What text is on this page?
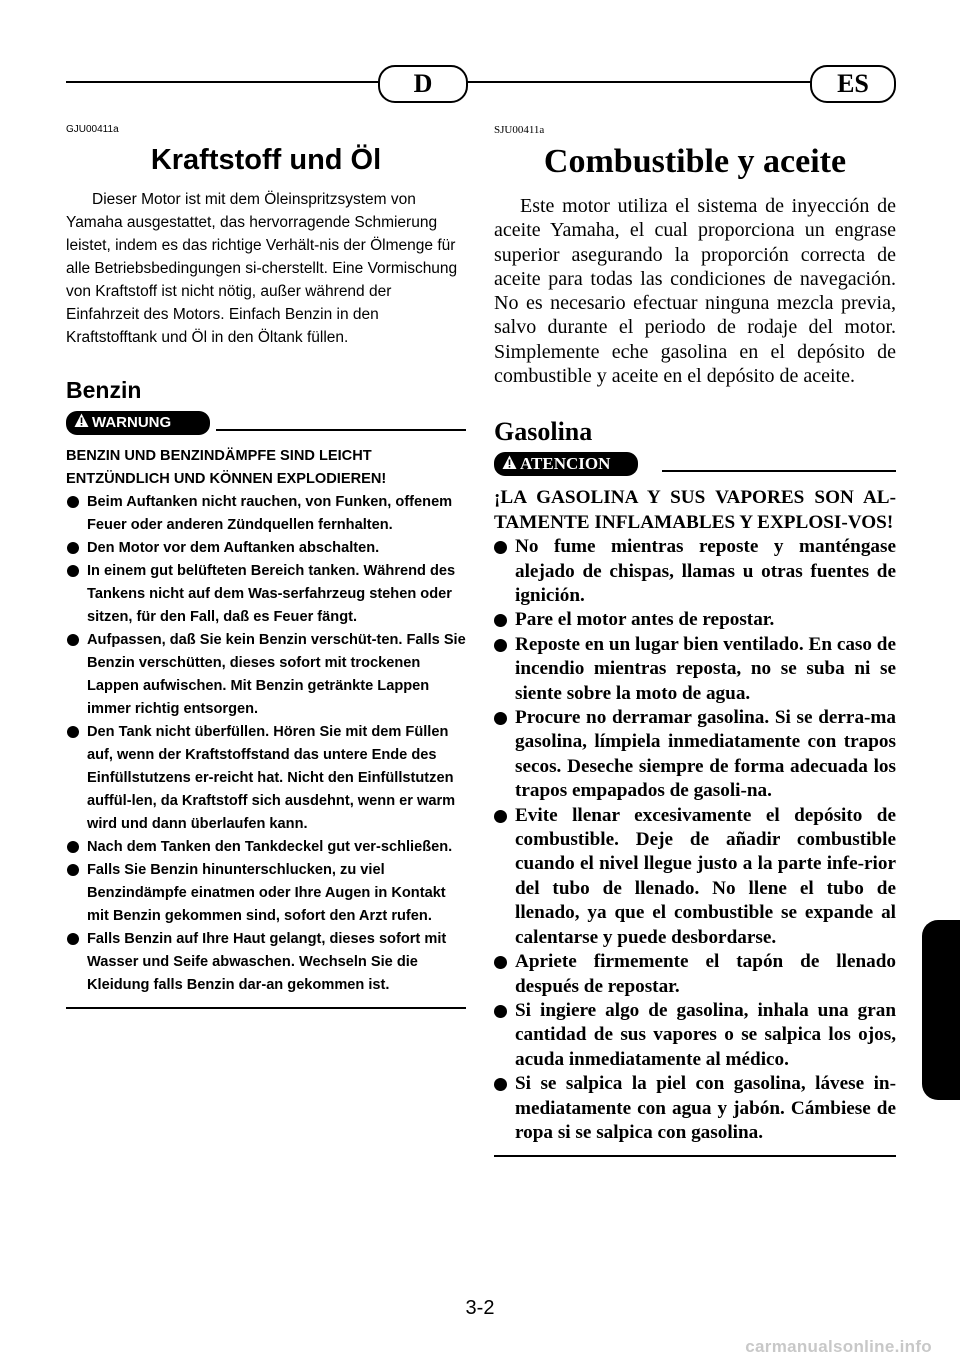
D	ES

GJU00411a

Kraftstoff und Öl

Dieser Motor ist mit dem Öleinspritzsystem von Yamaha ausgestattet, das hervorragende Schmierung leistet, indem es das richtige Verhält-nis der Ölmenge für alle Betriebsbedingungen si-cherstellt. Eine Vormischung von Kraftstoff ist nicht nötig, außer während der Einfahrzeit des Motors. Einfach Benzin in den Kraftstofftank und Öl in den Öltank füllen.

Benzin
WARNUNG

BENZIN UND BENZINDÄMPFE SIND LEICHT ENTZÜNDLICH UND KÖNNEN EXPLODIEREN!

Beim Auftanken nicht rauchen, von Funken, offenem Feuer oder anderen Zündquellen fernhalten.
Den Motor vor dem Auftanken abschalten.
In einem gut belüfteten Bereich tanken. Während des Tankens nicht auf dem Was-serfahrzeug stehen oder sitzen, für den Fall, daß es Feuer fängt.
Aufpassen, daß Sie kein Benzin verschüt-ten. Falls Sie Benzin verschütten, dieses sofort mit trockenen Lappen aufwischen. Mit Benzin getränkte Lappen immer richtig entsorgen.
Den Tank nicht überfüllen. Hören Sie mit dem Füllen auf, wenn der Kraftstoffstand das untere Ende des Einfüllstutzens er-reicht hat. Nicht den Einfüllstutzen auffül-len, da Kraftstoff sich ausdehnt, wenn er warm wird und dann überlaufen kann.
Nach dem Tanken den Tankdeckel gut ver-schließen.
Falls Sie Benzin hinunterschlucken, zu viel Benzindämpfe einatmen oder Ihre Augen in Kontakt mit Benzin gekommen sind, sofort den Arzt rufen.
Falls Benzin auf Ihre Haut gelangt, dieses sofort mit Wasser und Seife abwaschen. Wechseln Sie die Kleidung falls Benzin dar-an gekommen ist.

SJU00411a

Combustible y aceite

Este motor utiliza el sistema de inyección de aceite Yamaha, el cual proporciona un engrase superior asegurando la proporción correcta de aceite para todas las condiciones de navegación. No es necesario efectuar ninguna mezcla previa, salvo durante el periodo de rodaje del motor. Simplemente eche gasolina en el depósito de combustible y aceite en el depósito de aceite.

Gasolina
ATENCION

¡LA GASOLINA Y SUS VAPORES SON AL-TAMENTE INFLAMABLES Y EXPLOSI-VOS!

No fume mientras reposte y manténgase alejado de chispas, llamas u otras fuentes de ignición.
Pare el motor antes de repostar.
Reposte en un lugar bien ventilado. En caso de incendio mientras reposta, no se suba ni se siente sobre la moto de agua.
Procure no derramar gasolina. Si se derra-ma gasolina, límpiela inmediatamente con trapos secos. Deseche siempre de forma adecuada los trapos empapados de gasoli-na.
Evite llenar excesivamente el depósito de combustible. Deje de añadir combustible cuando el nivel llegue justo a la parte infe-rior del tubo de llenado. No llene el tubo de llenado, ya que el combustible se expande al calentarse y puede desbordarse.
Apriete firmemente el tapón de llenado después de repostar.
Si ingiere algo de gasolina, inhala una gran cantidad de sus vapores o se salpica los ojos, acuda inmediatamente al médico.
Si se salpica la piel con gasolina, lávese in-mediatamente con agua y jabón. Cámbiese de ropa si se salpica con gasolina.
3-2
carmanualsonline.info
